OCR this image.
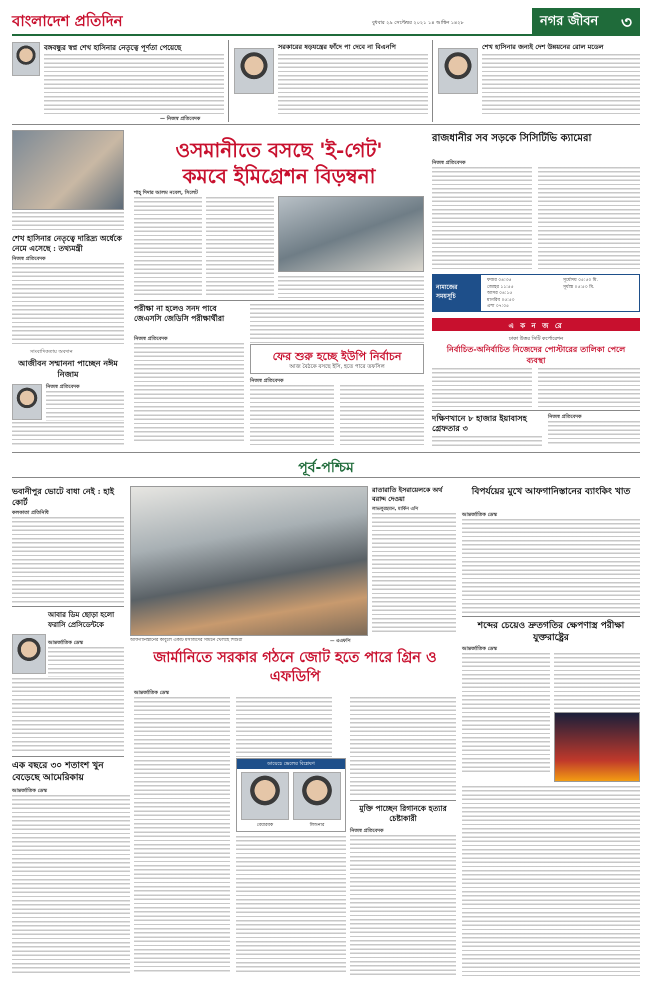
বাংলাদেশ প্রতিদিন	বুধবার ২৯ সেপ্টেম্বর ২০২১ ১৪ আশ্বিন ১৪২৮	নগর জীবন ৩
বঙ্গবন্ধুর স্বপ্ন শেখ হাসিনার নেতৃত্বে পূর্ণতা পেয়েছে
— নিজস্ব প্রতিবেদক
সরকারের ষড়যন্ত্রের ফাঁদে পা দেবে না বিএনপি	শেখ হাসিনার জন্যই দেশ উন্নয়নের রোল মডেল
শেখ হাসিনার নেতৃত্বে দারিদ্র্য অর্ধেকে নেমে এসেছে : তথ্যমন্ত্রী
নিজস্ব প্রতিবেদক
সাংবাদিকতায় অবদান
আজীবন সম্মাননা পাচ্ছেন নঈম নিজাম
নিজস্ব প্রতিবেদক
ওসমানীতে বসছে 'ই-গেট'
কমবে ইমিগ্রেশন বিড়ম্বনা
শাহ্‌ দিদার আলম নবেল, সিলেট
পরীক্ষা না হলেও সনদ পাবে জেএসসি জেডিসি পরীক্ষার্থীরা
নিজস্ব প্রতিবেদক
ফের শুরু হচ্ছে ইউপি নির্বাচন
আজ বৈঠকে বসছে ইসি, হতে পারে তফসিল
নিজস্ব প্রতিবেদক
রাজধানীর সব সড়কে সিসিটিভি ক্যামেরা
নিজস্ব প্রতিবেদক
নামাজের সময়সূচি
ফজর ০৪:৩৫
জোহর ১১:৫৫
আসর ০৪:১৫
মাগরিব ০৫:৫০
এশা ০৭:০৫
সূর্যোদয় ০৫:৫০ মি.
সূর্যাস্ত ০৫:৫০ মি.
এ ক ন জ রে
ঢাকা উত্তর সিটি কর্পোরেশন
নির্বাচিত-অনির্বাচিত নিজেদের পোস্টারের তালিকা পেলে ব্যবস্থা
দক্ষিণখানে ৮ হাজার ইয়াবাসহ গ্রেফতার ৩
নিজস্ব প্রতিবেদক
পূর্ব-পশ্চিম
ভবানীপুর ভোটে বাধা নেই : হাই কোর্ট
কলকাতা প্রতিনিধি
আফগানিস্তানের কাবুলে একটি মসজিদের সামনে খেলছে শিশুরা	— এএফপি
রাতারাতি ইসরায়েলকে অর্থ বরাদ্দ দেওয়া
লাভলুরহমান, মার্কিন এপি
বিপর্যয়ের মুখে আফগানিস্তানের ব্যাংকিং খাত
আন্তর্জাতিক ডেস্ক
শব্দের চেয়েও দ্রুতগতির ক্ষেপণাস্ত্র পরীক্ষা যুক্তরাষ্ট্রের
আন্তর্জাতিক ডেস্ক
আবার ডিম ছোড়া হলো ফরাসি প্রেসিডেন্টকে
আন্তর্জাতিক ডেস্ক
জার্মানিতে সরকার গঠনে জোট হতে পারে গ্রিন ও এফডিপি
আন্তর্জাতিক ডেস্ক
ডায়েচে ভেলের বিশ্লেষণ
বেয়ারবক	লিন্ডনার
মুক্তি পাচ্ছেন রিগানকে হত্যার চেষ্টাকারী
নিজস্ব প্রতিবেদক
এক বছরে ৩০ শতাংশ খুন বেড়েছে আমেরিকায়
আন্তর্জাতিক ডেস্ক
